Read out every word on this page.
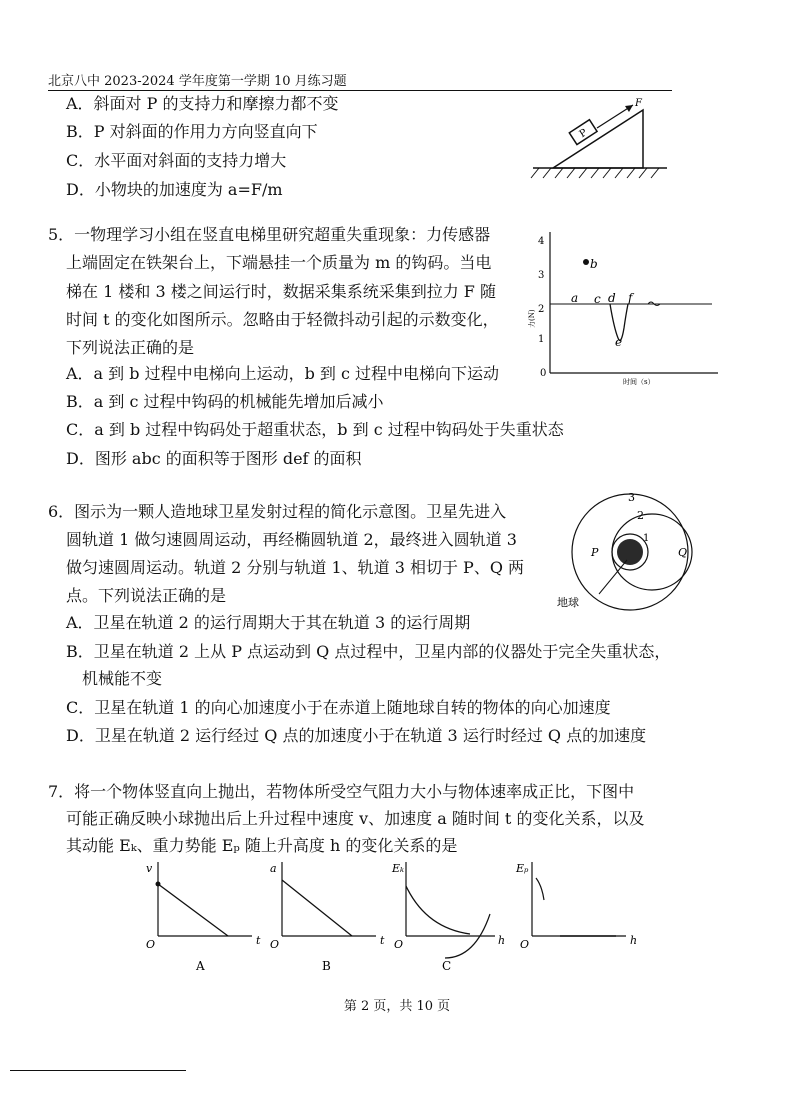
北京八中 2023-2024 学年度第一学期 10 月练习题
A．斜面对 P 的支持力和摩擦力都不变
B．P 对斜面的作用力方向竖直向下
C．水平面对斜面的支持力增大
D．小物块的加速度为 a=F/m
P
F
5．一物理学习小组在竖直电梯里研究超重失重现象：力传感器
上端固定在铁架台上，下端悬挂一个质量为 m 的钩码。当电
梯在 1 楼和 3 楼之间运行时，数据采集系统采集到拉力 F 随
时间 t 的变化如图所示。忽略由于轻微抖动引起的示数变化，
下列说法正确的是
A．a 到 b 过程中电梯向上运动，b 到 c 过程中电梯向下运动
B．a 到 c 过程中钩码的机械能先增加后减小
C．a 到 b 过程中钩码处于超重状态，b 到 c 过程中钩码处于失重状态
D．图形 abc 的面积等于图形 def 的面积
4
3
2
1
0
力(N)
时间（s）
a
b
c d
e
f
6．图示为一颗人造地球卫星发射过程的简化示意图。卫星先进入
圆轨道 1 做匀速圆周运动，再经椭圆轨道 2，最终进入圆轨道 3
做匀速圆周运动。轨道 2 分别与轨道 1、轨道 3 相切于 P、Q 两
点。下列说法正确的是
A．卫星在轨道 2 的运行周期大于其在轨道 3 的运行周期
B．卫星在轨道 2 上从 P 点运动到 Q 点过程中，卫星内部的仪器处于完全失重状态，
机械能不变
C．卫星在轨道 1 的向心加速度小于在赤道上随地球自转的物体的向心加速度
D．卫星在轨道 2 运行经过 Q 点的加速度小于在轨道 3 运行时经过 Q 点的加速度
3
2
1
P	Q
地球
7．将一个物体竖直向上抛出，若物体所受空气阻力大小与物体速率成正比，下图中
可能正确反映小球抛出后上升过程中速度 v、加速度 a 随时间 t 的变化关系，以及
其动能 Eₖ、重力势能 Eₚ 随上升高度 h 的变化关系的是
v
t
O
A
a
t
O
B
Eₖ
h
O
C
Eₚ
h
O
第 2 页，共 10 页
